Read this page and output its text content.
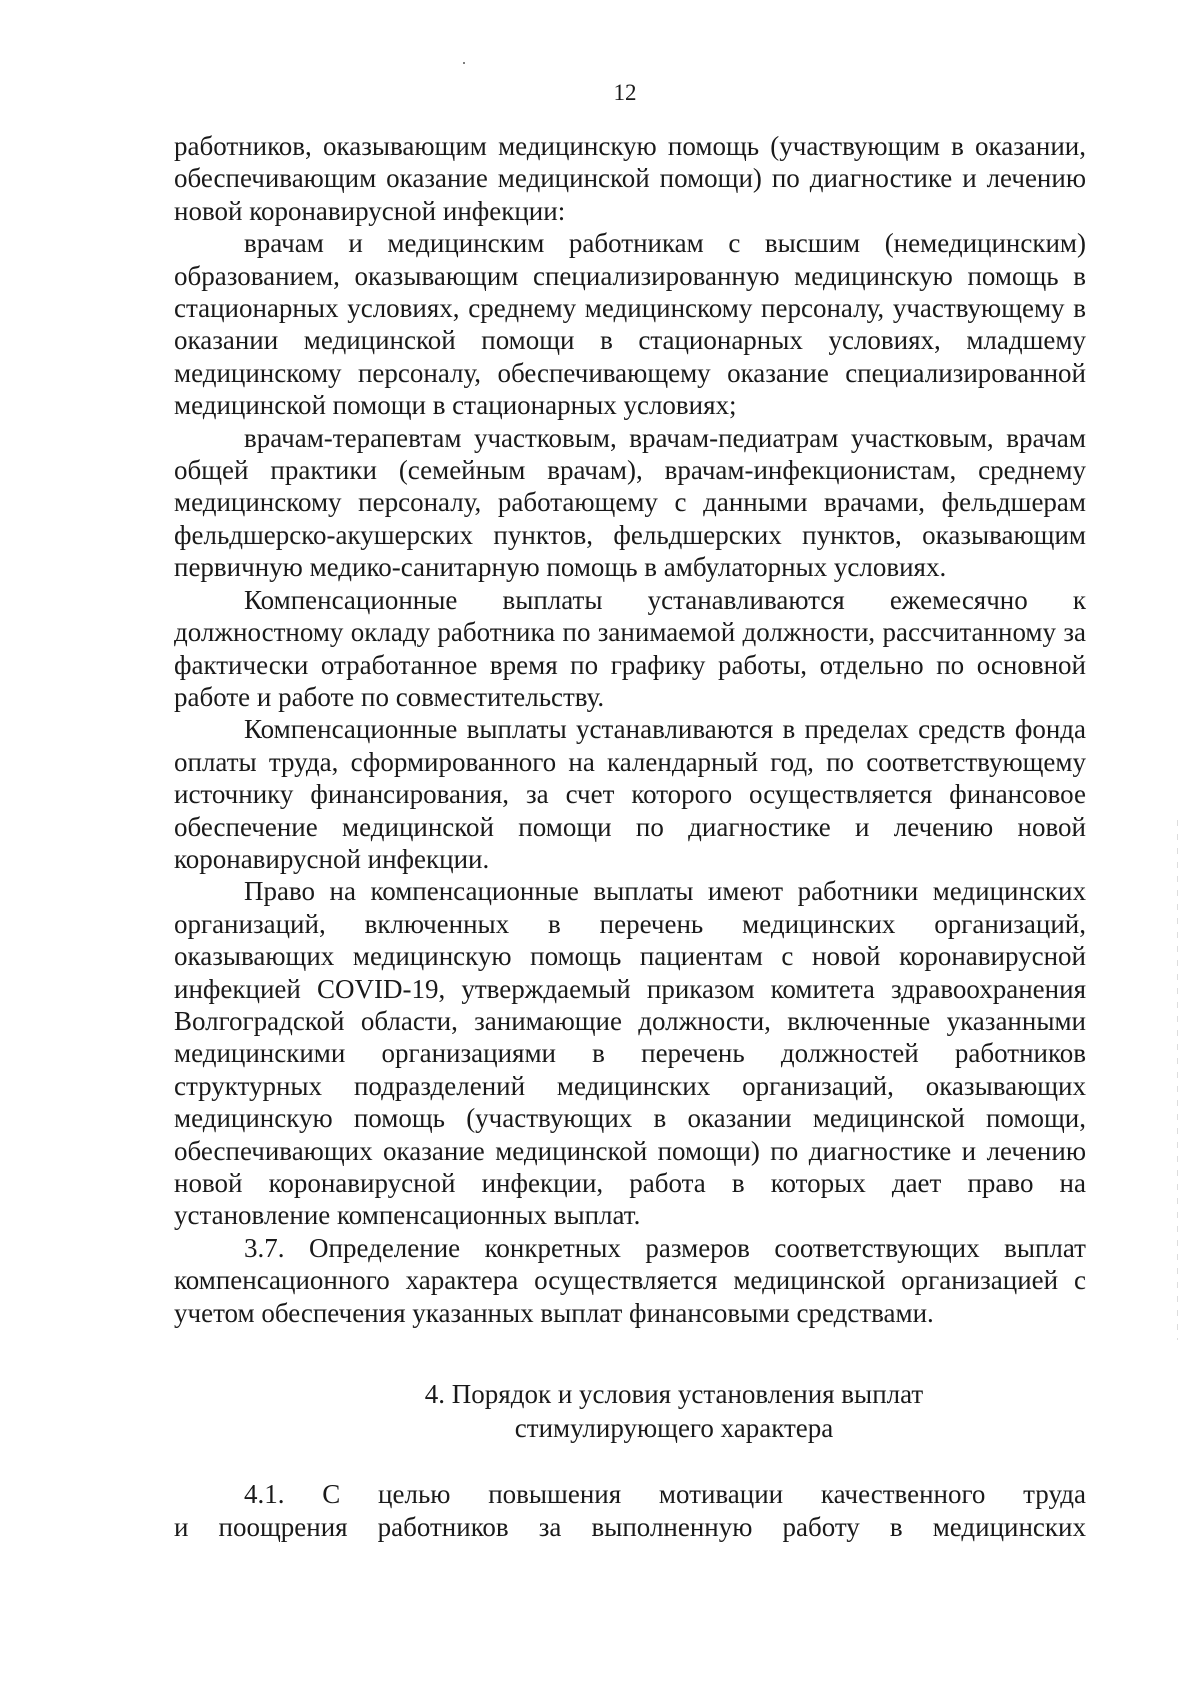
12

работников, оказывающим медицинскую помощь (участвующим в оказании, обеспечивающим оказание медицинской помощи) по диагностике и лечению новой коронавирусной инфекции:

врачам и медицинским работникам с высшим (немедицинским) образованием, оказывающим специализированную медицинскую помощь в стационарных условиях, среднему медицинскому персоналу, участвующему в оказании медицинской помощи в стационарных условиях, младшему медицинскому персоналу, обеспечивающему оказание специализированной медицинской помощи в стационарных условиях;

врачам-терапевтам участковым, врачам-педиатрам участковым, врачам общей практики (семейным врачам), врачам-инфекционистам, среднему медицинскому персоналу, работающему с данными врачами, фельдшерам фельдшерско-акушерских пунктов, фельдшерских пунктов, оказывающим первичную медико-санитарную помощь в амбулаторных условиях.

Компенсационные выплаты устанавливаются ежемесячно к должностному окладу работника по занимаемой должности, рассчитанному за фактически отработанное время по графику работы, отдельно по основной работе и работе по совместительству.

Компенсационные выплаты устанавливаются в пределах средств фонда оплаты труда, сформированного на календарный год, по соответствующему источнику финансирования, за счет которого осуществляется финансовое обеспечение медицинской помощи по диагностике и лечению новой коронавирусной инфекции.

Право на компенсационные выплаты имеют работники медицинских организаций, включенных в перечень медицинских организаций, оказывающих медицинскую помощь пациентам с новой коронавирусной инфекцией COVID-19, утверждаемый приказом комитета здравоохранения Волгоградской области, занимающие должности, включенные указанными медицинскими организациями в перечень должностей работников структурных подразделений медицинских организаций, оказывающих медицинскую помощь (участвующих в оказании медицинской помощи, обеспечивающих оказание медицинской помощи) по диагностике и лечению новой коронавирусной инфекции, работа в которых дает право на установление компенсационных выплат.

3.7. Определение конкретных размеров соответствующих выплат компенсационного характера осуществляется медицинской организацией с учетом обеспечения указанных выплат финансовыми средствами.

4. Порядок и условия установления выплат
стимулирующего характера
4.1. С целью повышения мотивации качественного труда
и поощрения работников за выполненную работу в медицинских
